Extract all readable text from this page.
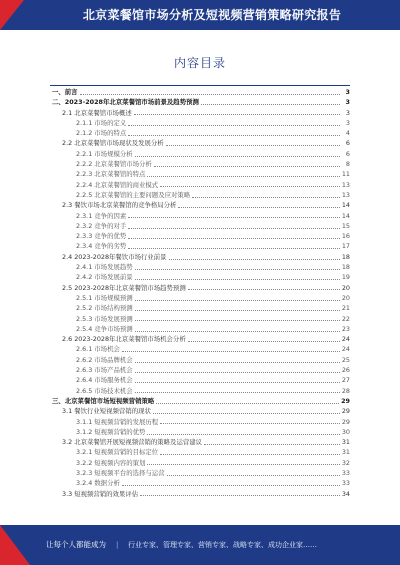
北京菜餐馆市场分析及短视频营销策略研究报告
内容目录
一、前言	3
二、2023-2028年北京菜餐馆市场前景及趋势预测	3
2.1 北京菜餐馆市场概述	3
2.1.1 市场的定义	3
2.1.2 市场的特点	4
2.2 北京菜餐馆市场现状及发展分析	6
2.2.1 市场规模分析	6
2.2.2 北京菜餐馆市场分析	8
2.2.3 北京菜餐馆的特点	11
2.2.4 北京菜餐馆的商业模式	13
2.2.5 北京菜餐馆的主要问题及应对策略	13
2.3 餐饮市场北京菜餐馆的竞争格局分析	14
2.3.1 竞争的因素	14
2.3.2 竞争的对手	15
2.3.3 竞争的优势	16
2.3.4 竞争的劣势	17
2.4 2023-2028年餐饮市场行业前景	18
2.4.1 市场发展趋势	18
2.4.2 市场发展前景	19
2.5 2023-2028年北京菜餐馆市场趋势预测	20
2.5.1 市场规模预测	20
2.5.2 市场结构预测	21
2.5.3 市场发展预测	22
2.5.4 竞争市场预测	23
2.6 2023-2028年北京菜餐馆市场机会分析	24
2.6.1 市场机会	24
2.6.2 市场品牌机会	25
2.6.3 市场产品机会	26
2.6.4 市场服务机会	27
2.6.5 市场技术机会	28
三、北京菜餐馆市场短视频营销策略	29
3.1 餐饮行业短视频营销的现状	29
3.1.1 短视频营销的发展历程	29
3.1.2 短视频营销的优势	30
3.2 北京菜餐馆开展短视频营销的策略及运营建议	31
3.2.1 短视频营销的目标定位	31
3.2.2 短视频内容的策划	32
3.2.3 短视频平台的选择与运营	33
3.2.4 数据分析	33
3.3 短视频营销的效果评估	34
让每个人都能成为 | 行业专家、管理专家、营销专家、战略专家、成功企业家……
